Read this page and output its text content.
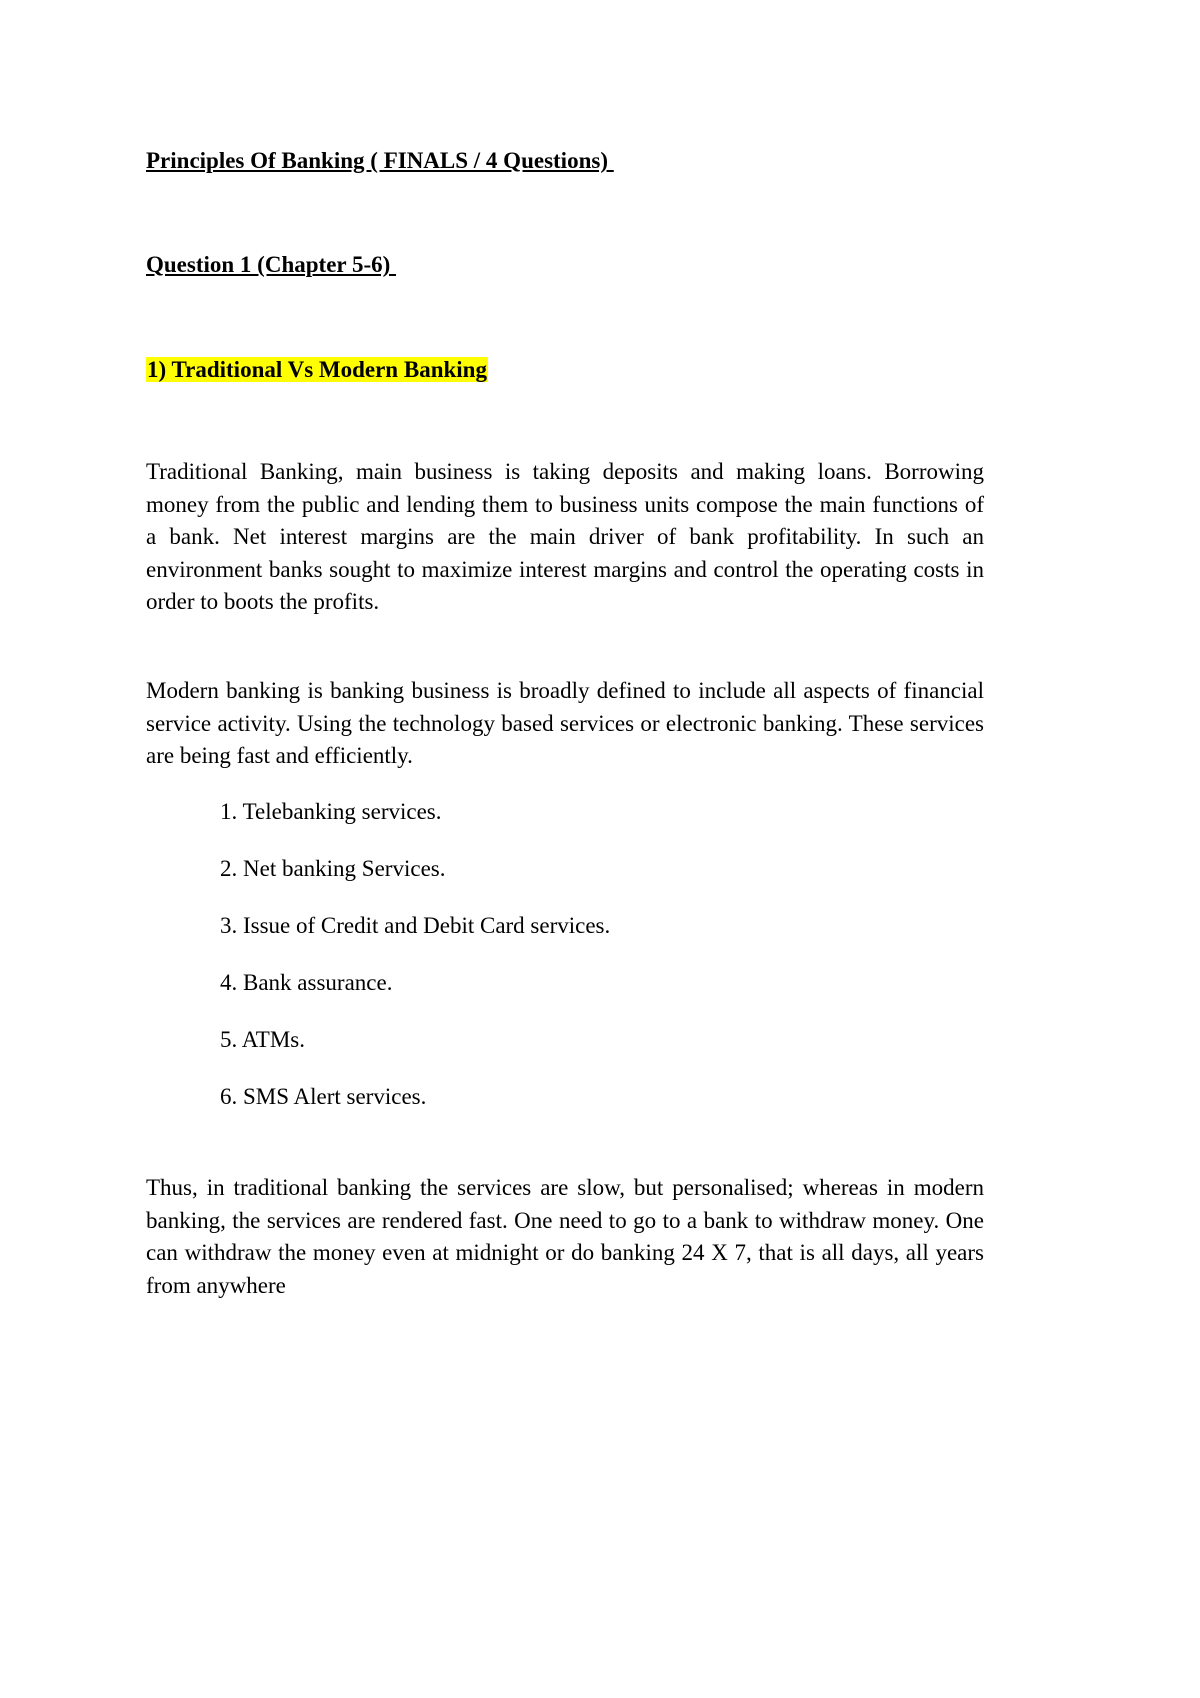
Principles Of Banking ( FINALS / 4 Questions)

Question 1 (Chapter 5-6)

1) Traditional Vs Modern Banking

Traditional Banking, main business is taking deposits and making loans. Borrowing money from the public and lending them to business units compose the main functions of a bank. Net interest margins are the main driver of bank profitability. In such an environment banks sought to maximize interest margins and control the operating costs in order to boots the profits.

Modern banking is banking business is broadly defined to include all aspects of financial service activity. Using the technology based services or electronic banking. These services are being fast and efficiently.

1. Telebanking services.
2. Net banking Services.
3. Issue of Credit and Debit Card services.
4. Bank assurance.
5. ATMs.
6. SMS Alert services.

Thus, in traditional banking the services are slow, but personalised; whereas in modern banking, the services are rendered fast. One need to go to a bank to withdraw money. One can withdraw the money even at midnight or do banking 24 X 7, that is all days, all years from anywhere
